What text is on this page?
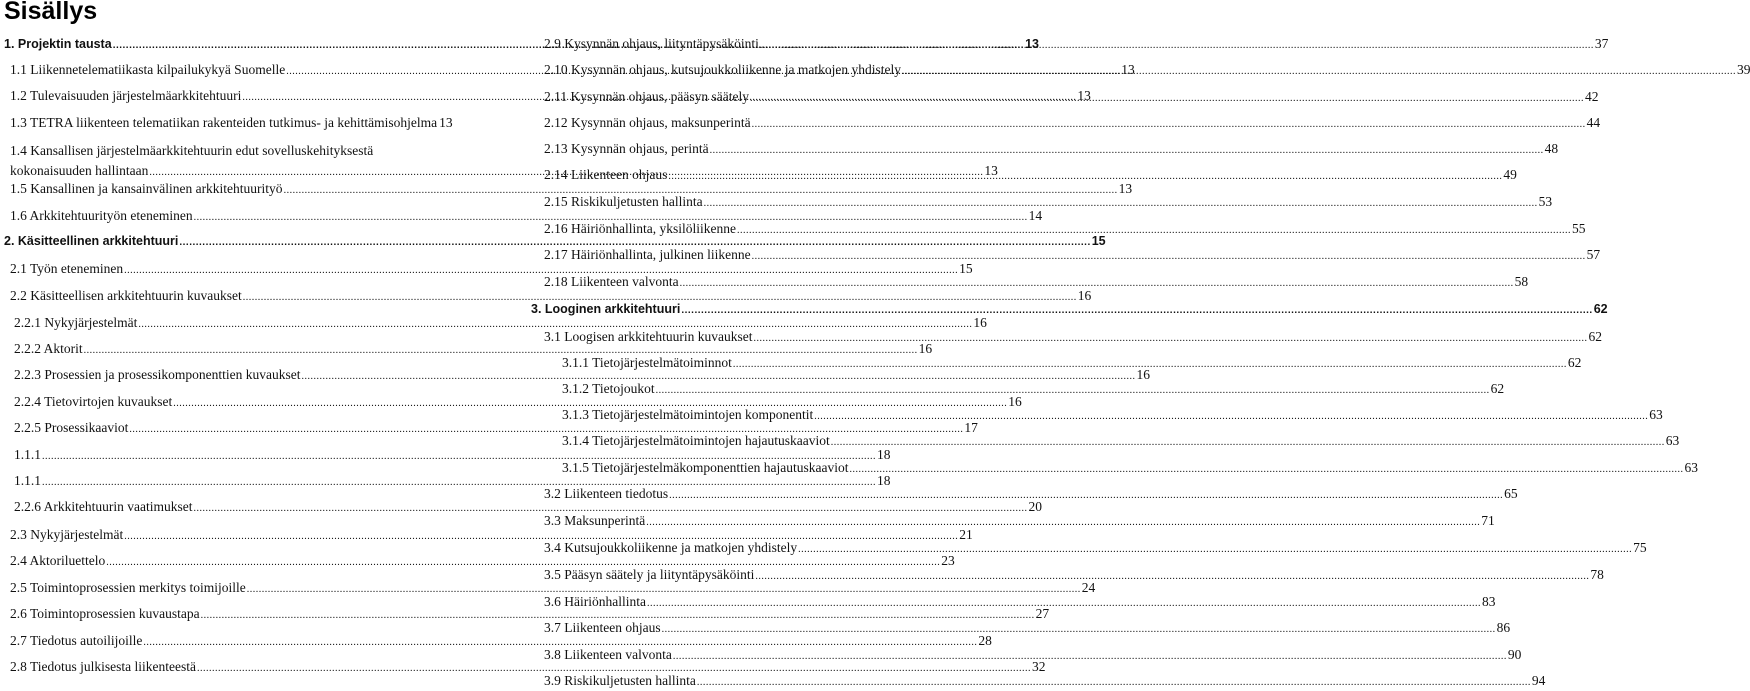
Sisällys
1. Projektin tausta .....	13
1.1 Liikennetelematiikasta kilpailukykyä Suomelle .....	13
1.2 Tulevaisuuden järjestelmäarkkitehtuuri .....	13
1.3 TETRA liikenteen telematiikan rakenteiden tutkimus- ja kehittämisohjelma 13
1.4 Kansallisen järjestelmäarkkitehtuurin edut sovelluskehityksestä
kokonaisuuden hallintaan .....	13
1.5 Kansallinen ja kansainvälinen arkkitehtuurityö .....	13
1.6 Arkkitehtuurityön eteneminen .....	14
2. Käsitteellinen arkkitehtuuri .....	15
2.1 Työn eteneminen .....	15
2.2 Käsitteellisen arkkitehtuurin kuvaukset .....	16
2.2.1 Nykyjärjestelmät .....	16
2.2.2 Aktorit .....	16
2.2.3 Prosessien ja prosessikomponenttien kuvaukset .....	16
2.2.4 Tietovirtojen kuvaukset .....	16
2.2.5 Prosessikaaviot .....	17
1.1.1 .....	18
1.1.1 .....	18
2.2.6 Arkkitehtuurin vaatimukset .....	20
2.3 Nykyjärjestelmät .....	21
2.4 Aktoriluettelo .....	23
2.5 Toimintoprosessien merkitys toimijoille .....	24
2.6 Toimintoprosessien kuvaustapa .....	27
2.7 Tiedotus autoilijoille .....	28
2.8 Tiedotus julkisesta liikenteestä .....	32
2.9 Kysynnän ohjaus, liityntäpysäköinti .....	37
2.10 Kysynnän ohjaus, kutsujoukkoliikenne ja matkojen yhdistely .....	39
2.11 Kysynnän ohjaus, pääsyn säätely .....	42
2.12 Kysynnän ohjaus, maksunperintä .....	44
2.13 Kysynnän ohjaus, perintä .....	48
2.14 Liikenteen ohjaus .....	49
2.15 Riskikuljetusten hallinta .....	53
2.16 Häiriönhallinta, yksilöliikenne .....	55
2.17 Häiriönhallinta, julkinen liikenne .....	57
2.18 Liikenteen valvonta .....	58
3. Looginen arkkitehtuuri .....	62
3.1 Loogisen arkkitehtuurin kuvaukset .....	62
3.1.1 Tietojärjestelmätoiminnot .....	62
3.1.2 Tietojoukot .....	62
3.1.3 Tietojärjestelmätoimintojen komponentit .....	63
3.1.4 Tietojärjestelmätoimintojen hajautuskaaviot .....	63
3.1.5 Tietojärjestelmäkomponenttien hajautuskaaviot .....	63
3.2 Liikenteen tiedotus .....	65
3.3 Maksunperintä .....	71
3.4 Kutsujoukkoliikenne ja matkojen yhdistely .....	75
3.5 Pääsyn säätely ja liityntäpysäköinti .....	78
3.6 Häiriönhallinta .....	83
3.7 Liikenteen ohjaus .....	86
3.8 Liikenteen valvonta .....	90
3.9 Riskikuljetusten hallinta .....	94
